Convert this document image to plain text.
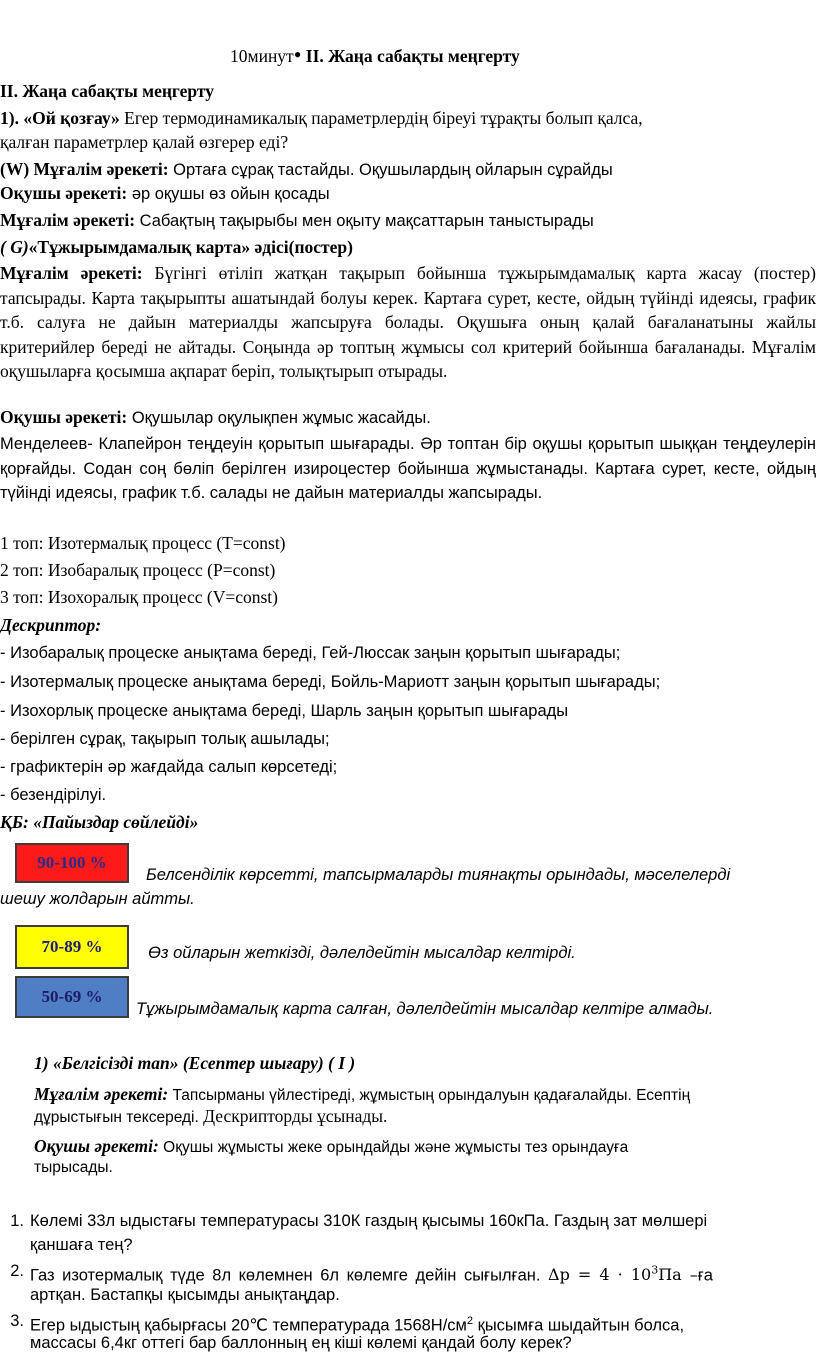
10минут• II. Жаңа сабақты меңгерту
II. Жаңа сабақты меңгерту
1). «Ой қозғау» Егер термодинамикалық параметрлердің біреуі тұрақты болып қалса,
қалған параметрлер қалай өзгерер еді?
(W) Мұғалім әрекеті: Ортаға сұрақ тастайды. Оқушылардың ойларын сұрайды
Оқушы әрекеті: әр оқушы өз ойын қосады
Мұғалім әрекеті: Сабақтың тақырыбы мен оқыту мақсаттарын таныстырады
( G)«Тұжырымдамалық карта» әдісі(постер)
Мұғалім әрекеті: Бүгінгі өтіліп жатқан тақырып бойынша тұжырымдамалық карта жасау (постер) тапсырады. Карта тақырыпты ашатындай болуы керек. Картаға сурет, кесте, ойдың түйінді идеясы, график т.б. салуға не дайын материалды жапсыруға болады. Оқушыға оның қалай бағаланатыны жайлы критерийлер береді не айтады. Соңында әр топтың жұмысы сол критерий бойынша бағаланады. Мұғалім оқушыларға қосымша ақпарат беріп, толықтырып отырады.
Оқушы әрекеті: Оқушылар оқулықпен жұмыс жасайды.
Менделеев- Клапейрон теңдеуін қорытып шығарады. Әр топтан бір оқушы қорытып шыққан теңдеулерін қорғайды. Содан соң бөліп берілген изироцестер бойынша жұмыстанады. Картаға сурет, кесте, ойдың түйінді идеясы, график т.б. салады не дайын материалды жапсырады.
1 топ: Изотермалық процесс (T=const)
2 топ: Изобаралық процесс (P=const)
3 топ: Изохоралық процесс (V=const)
Дескриптор:
- Изобаралық процеске анықтама береді, Гей-Люссак заңын қорытып шығарады;
- Изотермалық процеске анықтама береді, Бойль-Мариотт заңын қорытып шығарады;
- Изохорлық процеске анықтама береді, Шарль заңын қорытып шығарады
- берілген сұрақ, тақырып толық ашылады;
- графиктерін әр жағдайда салып көрсетеді;
- безендірілуі.
ҚБ: «Пайыздар сөйлейді»
90-100 %
Белсенділік көрсетті, тапсырмаларды тиянақты орындады, мәселелерді
шешу жолдарын айтты.
70-89 %	Өз ойларын жеткізді, дәлелдейтін мысалдар келтірді.
50-69 %
Тұжырымдамалық карта салған, дәлелдейтін мысалдар келтіре алмады.
1) «Белгісізді тап» (Есептер шығару) ( I )
Мұғалім әрекеті: Тапсырманы үйлестіреді, жұмыстың орындалуын қадағалайды. Есептің
дұрыстығын тексереді. Дескрипторды ұсынады.
Оқушы әрекеті: Оқушы жұмысты жеке орындайды және жұмысты тез орындауға
тырысады.
1. Көлемі 33л ыдыстағы температурасы 310К газдың қысымы 160кПа. Газдың зат мөлшері
қаншаға тең?
2. Газ изотермалық түде 8л көлемнен 6л көлемге дейін сығылған. $\Delta p = 4 \cdot 10^3Па$ –ға
артқан. Бастапқы қысымды анықтаңдар.
3. Егер ыдыстың қабырғасы 20℃ температурада $1568Н/см^2$ қысымға шыдайтын болса,
массасы 6,4кг оттегі бар баллонның ең кіші көлемі қандай болу керек?
